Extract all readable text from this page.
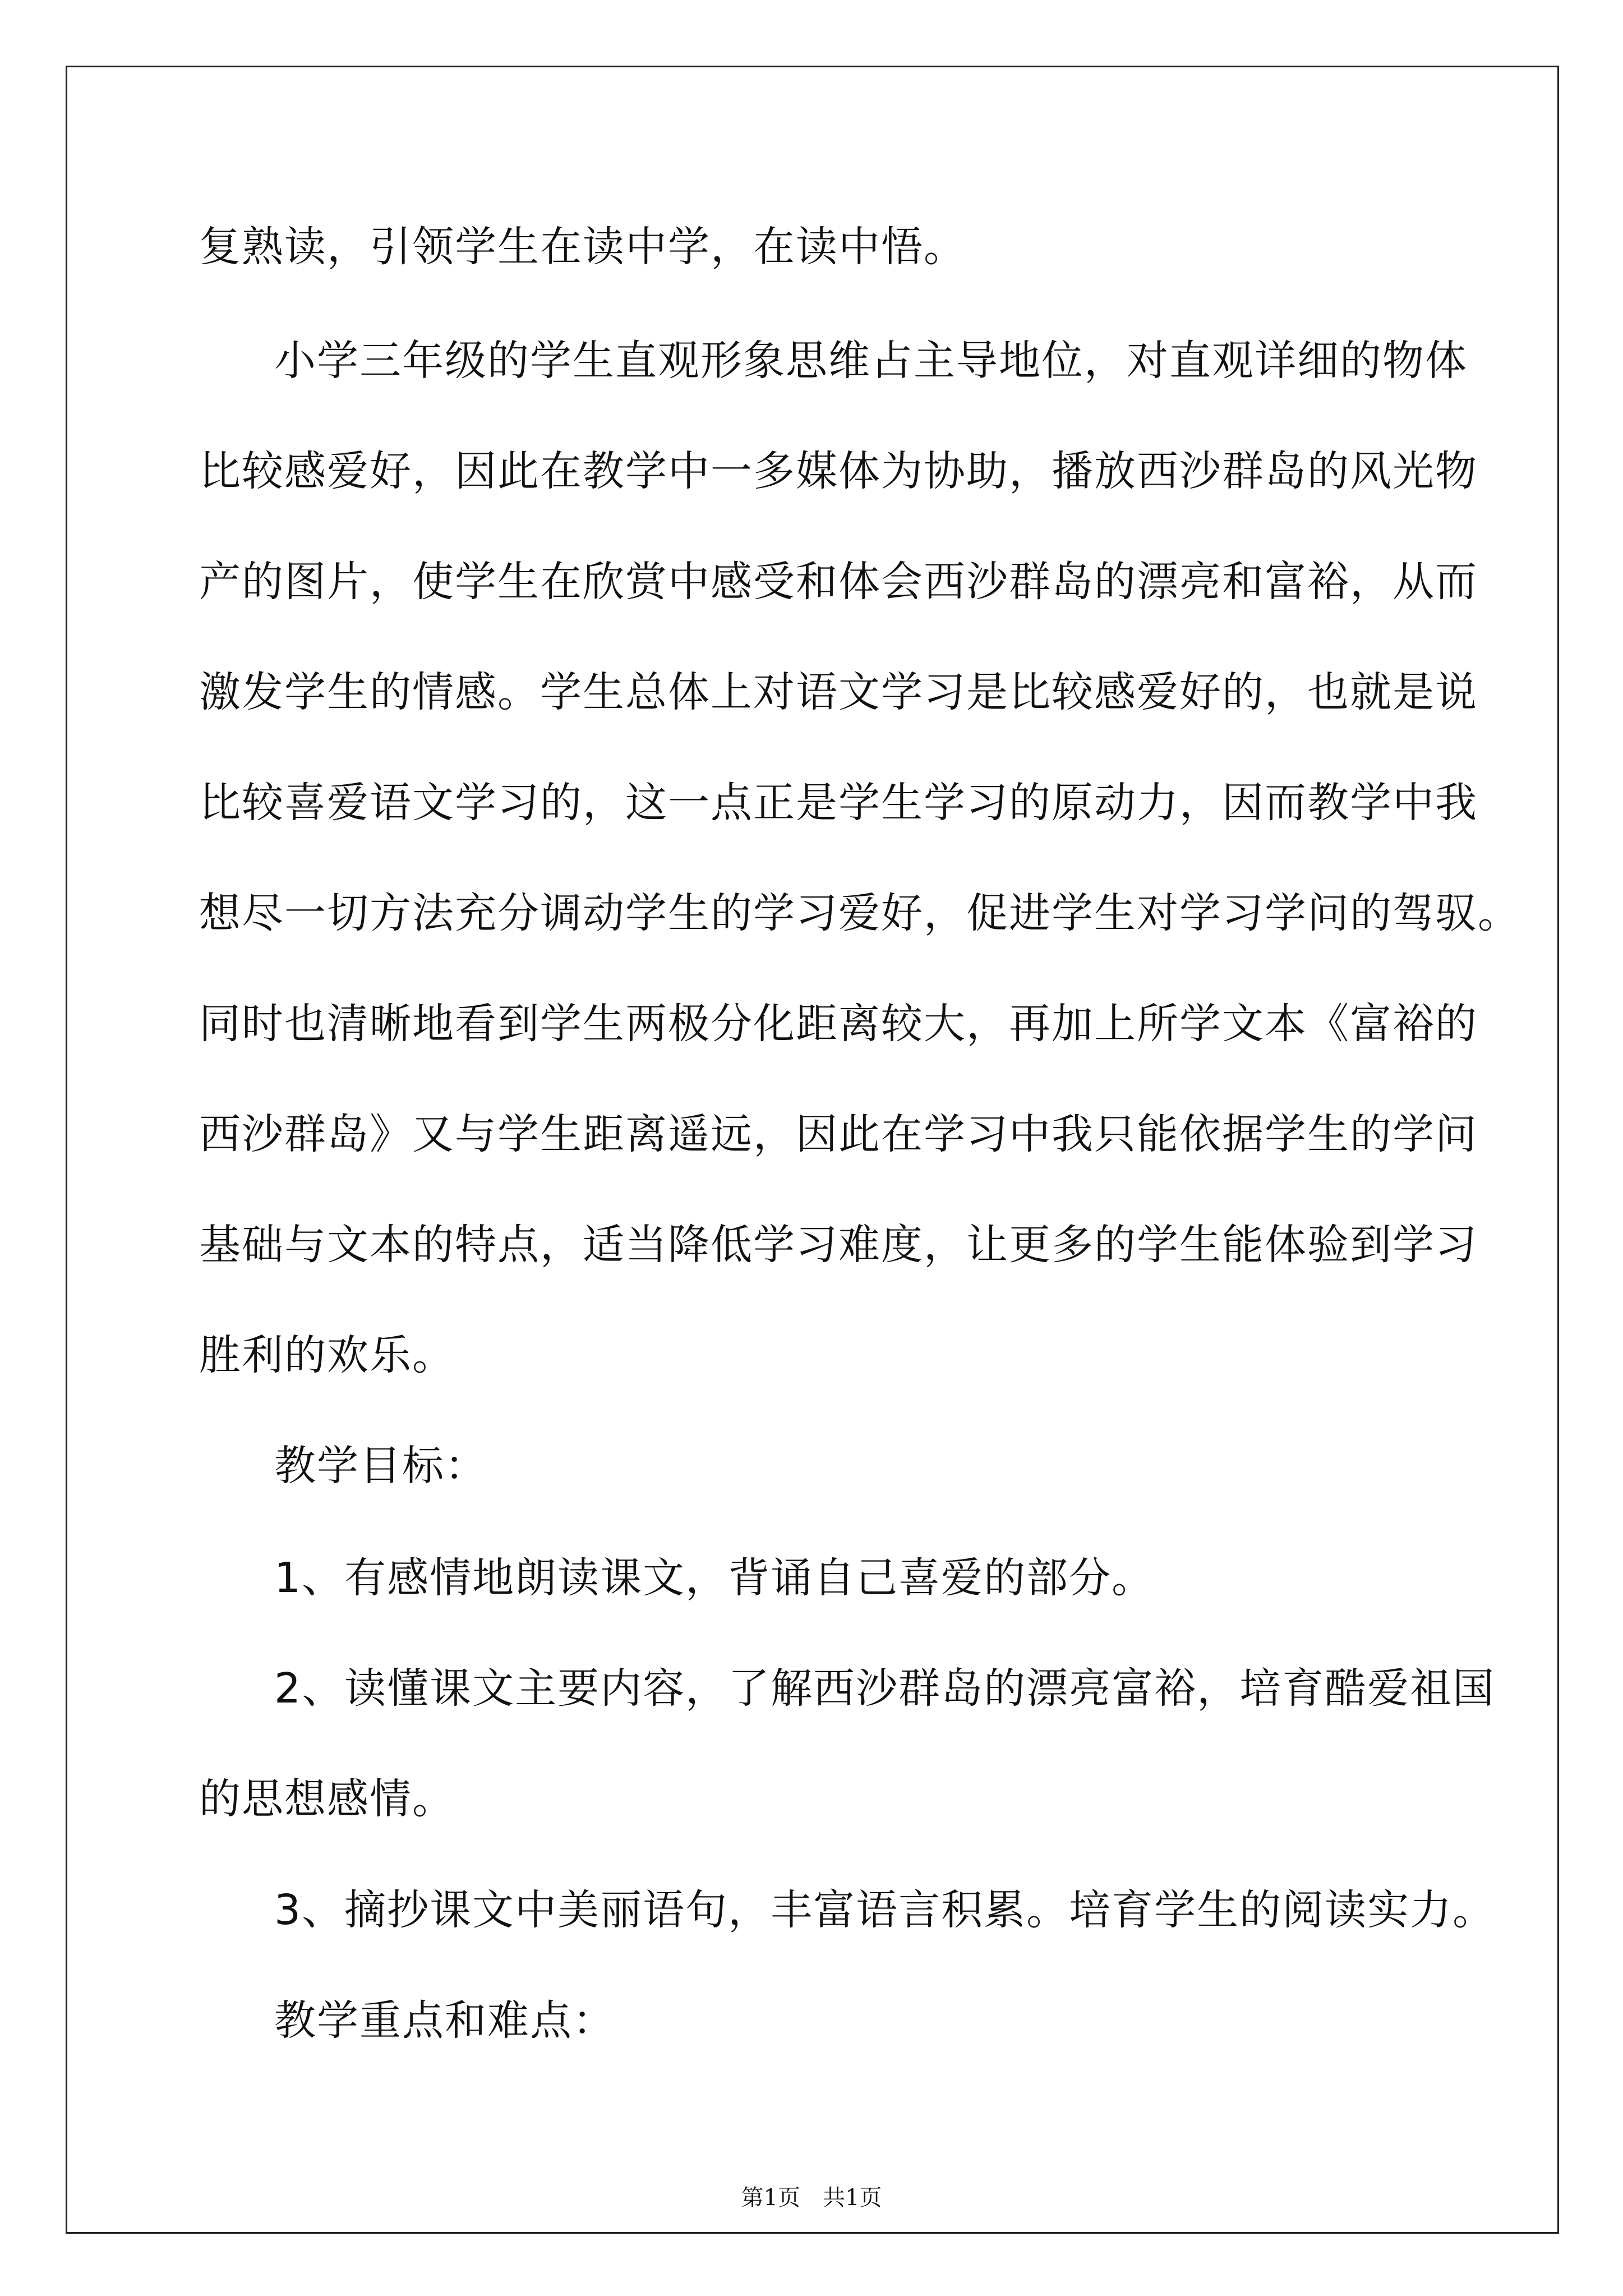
复熟读，引领学生在读中学，在读中悟。
小学三年级的学生直观形象思维占主导地位，对直观详细的物体
比较感爱好，因此在教学中一多媒体为协助，播放西沙群岛的风光物
产的图片，使学生在欣赏中感受和体会西沙群岛的漂亮和富裕，从而
激发学生的情感。学生总体上对语文学习是比较感爱好的，也就是说
比较喜爱语文学习的，这一点正是学生学习的原动力，因而教学中我
想尽一切方法充分调动学生的学习爱好，促进学生对学习学问的驾驭。
同时也清晰地看到学生两极分化距离较大，再加上所学文本《富裕的
西沙群岛》又与学生距离遥远，因此在学习中我只能依据学生的学问
基础与文本的特点，适当降低学习难度，让更多的学生能体验到学习
胜利的欢乐。
教学目标：
1、有感情地朗读课文，背诵自己喜爱的部分。
2、读懂课文主要内容，了解西沙群岛的漂亮富裕，培育酷爱祖国
的思想感情。
3、摘抄课文中美丽语句，丰富语言积累。培育学生的阅读实力。
教学重点和难点：
第1页　共1页
